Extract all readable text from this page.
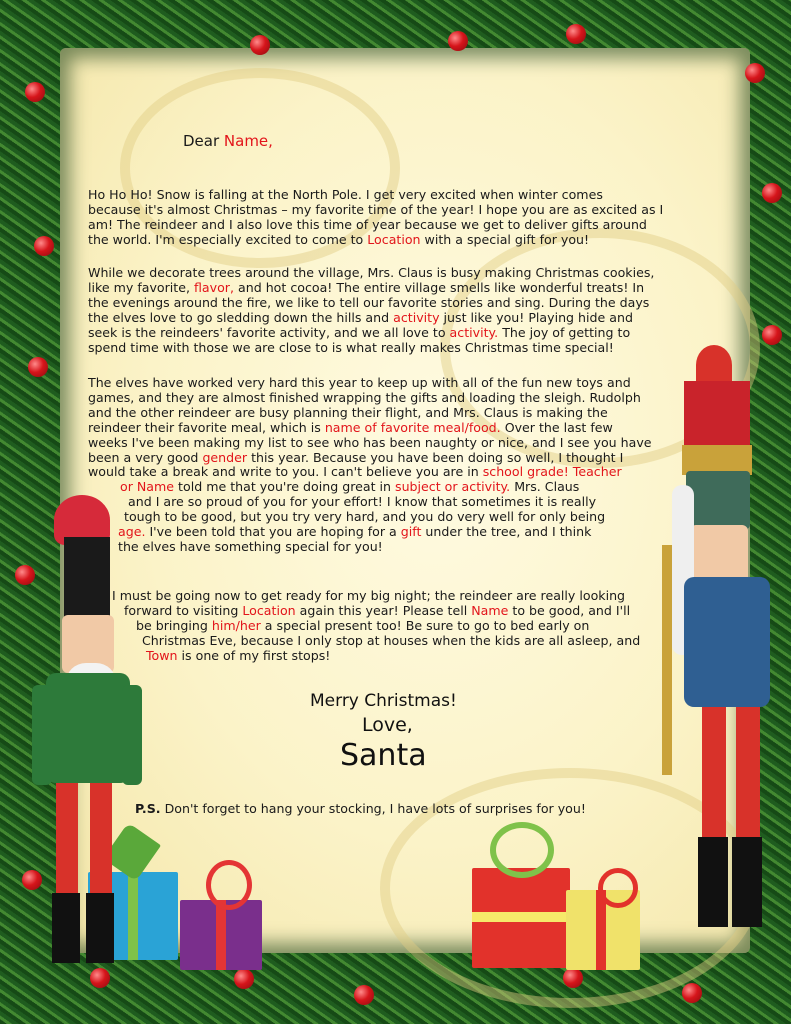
Dear Name,
Ho Ho Ho! Snow is falling at the North Pole. I get very excited when winter comes
because it's almost Christmas – my favorite time of the year! I hope you are as excited as I
am! The reindeer and I also love this time of year because we get to deliver gifts around
the world. I'm especially excited to come to Location with a special gift for you!
While we decorate trees around the village, Mrs. Claus is busy making Christmas cookies,
like my favorite, flavor, and hot cocoa! The entire village smells like wonderful treats! In
the evenings around the fire, we like to tell our favorite stories and sing. During the days
the elves love to go sledding down the hills and activity just like you! Playing hide and
seek is the reindeers' favorite activity, and we all love to activity. The joy of getting to
spend time with those we are close to is what really makes Christmas time special!
The elves have worked very hard this year to keep up with all of the fun new toys and
games, and they are almost finished wrapping the gifts and loading the sleigh. Rudolph
and the other reindeer are busy planning their flight, and Mrs. Claus is making the
reindeer their favorite meal, which is name of favorite meal/food. Over the last few
weeks I've been making my list to see who has been naughty or nice, and I see you have
been a very good gender this year. Because you have been doing so well, I thought I
would take a break and write to you. I can't believe you are in school grade! Teacher
or Name told me that you're doing great in subject or activity. Mrs. Claus
and I are so proud of you for your effort! I know that sometimes it is really
tough to be good, but you try very hard, and you do very well for only being
age. I've been told that you are hoping for a gift under the tree, and I think
the elves have something special for you!
I must be going now to get ready for my big night; the reindeer are really looking
forward to visiting Location again this year! Please tell Name to be good, and I'll
be bringing him/her a special present too! Be sure to go to bed early on
Christmas Eve, because I only stop at houses when the kids are all asleep, and
Town is one of my first stops!
Merry Christmas!
Love,
Santa
P.S. Don't forget to hang your stocking, I have lots of surprises for you!
